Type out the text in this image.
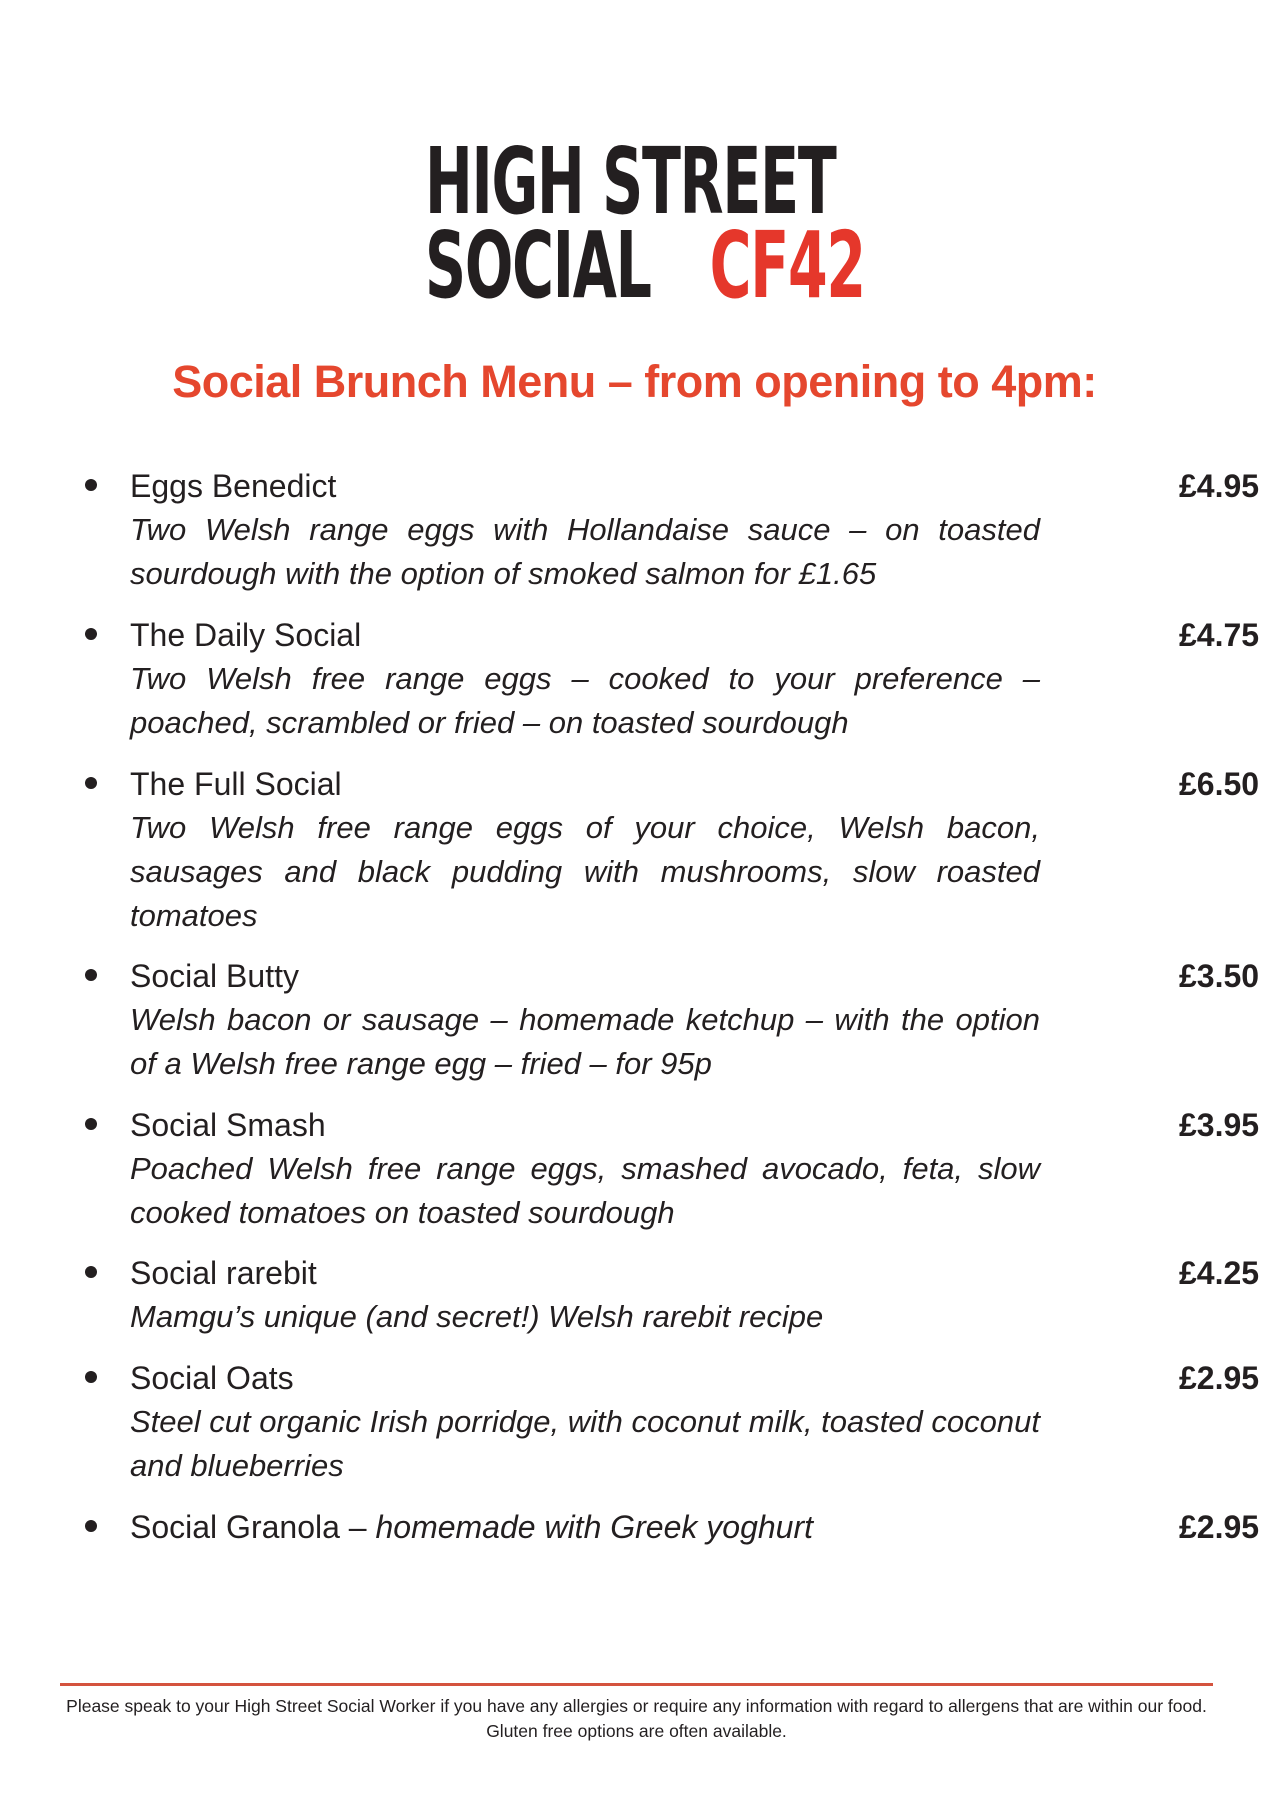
HIGH STREET
SOCIAL CF42
Social Brunch Menu – from opening to 4pm:
Eggs Benedict
Two Welsh range eggs with Hollandaise sauce – on toasted sourdough with the option of smoked salmon for £1.65
£4.95
The Daily Social
Two Welsh free range eggs – cooked to your preference – poached, scrambled or fried – on toasted sourdough
£4.75
The Full Social
Two Welsh free range eggs of your choice, Welsh bacon, sausages and black pudding with mushrooms, slow roasted tomatoes
£6.50
Social Butty
Welsh bacon or sausage – homemade ketchup – with the option of a Welsh free range egg – fried – for 95p
£3.50
Social Smash
Poached Welsh free range eggs, smashed avocado, feta, slow cooked tomatoes on toasted sourdough
£3.95
Social rarebit
Mamgu’s unique (and secret!) Welsh rarebit recipe
£4.25
Social Oats
Steel cut organic Irish porridge, with coconut milk, toasted coconut and blueberries
£2.95
Social Granola – homemade with Greek yoghurt	£2.95
Please speak to your High Street Social Worker if you have any allergies or require any information with regard to allergens that are within our food. Gluten free options are often available.
